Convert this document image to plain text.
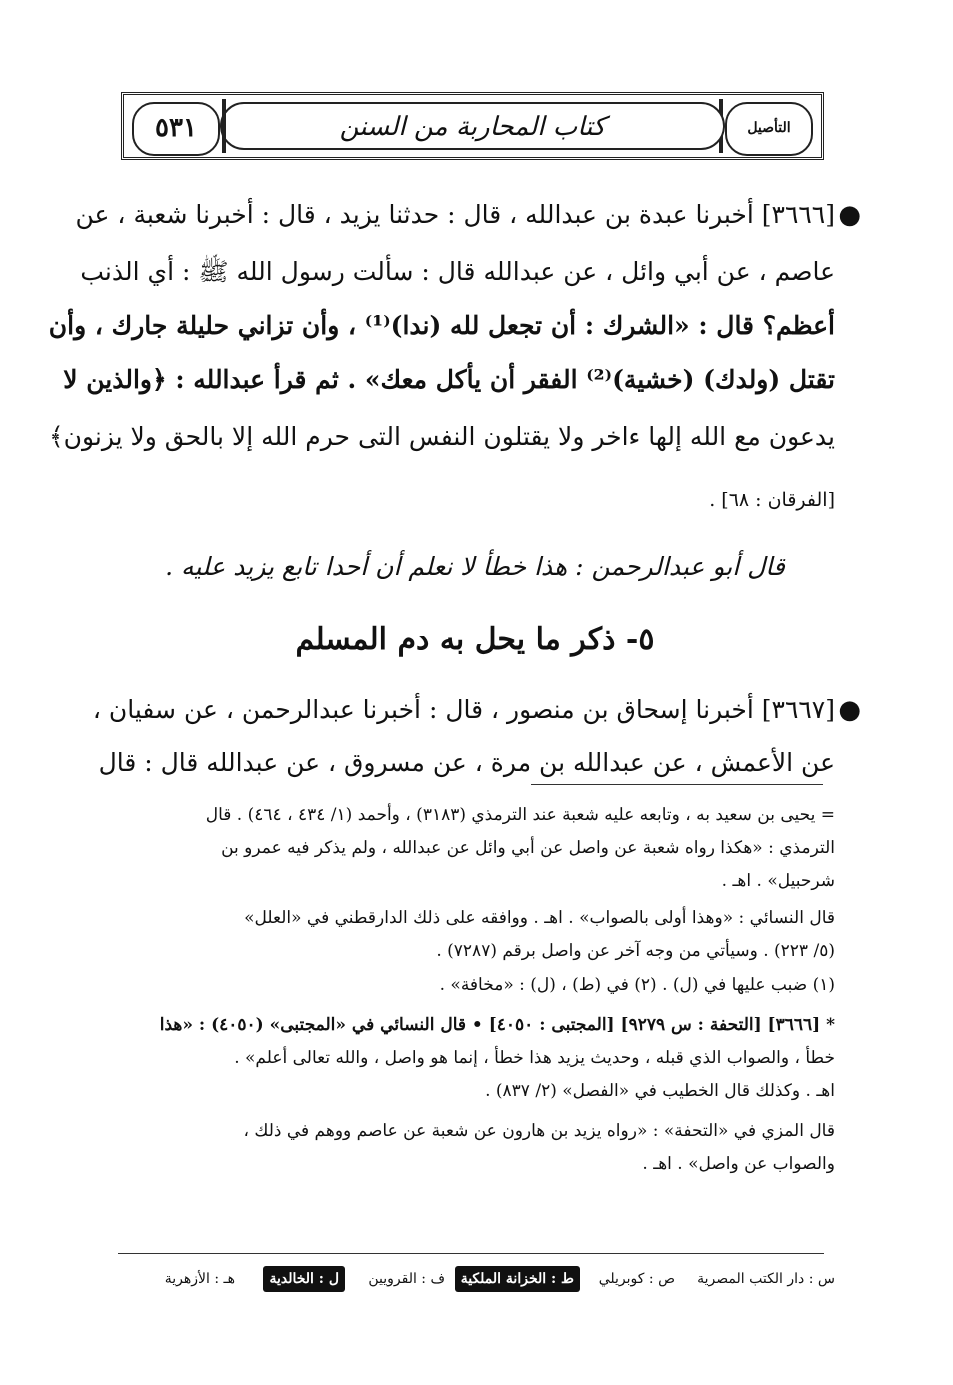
التأصيل
كتاب المحاربة من السنن
٥٣١
●
[٣٦٦٦] أخبرنا عبدة بن عبدالله ، قال : حدثنا يزيد ، قال : أخبرنا شعبة ، عن
عاصم ، عن أبي وائل ، عن عبدالله قال : سألت رسول الله ﷺ : أي الذنب
أعظم؟ قال : «الشرك : أن تجعل لله (ندا)⁽¹⁾ ، وأن تزاني حليلة جارك ، وأن
تقتل (ولدك) (خشية)⁽²⁾ الفقر أن يأكل معك» . ثم قرأ عبدالله : ﴿والذين لا
يدعون مع الله إلها ءاخر ولا يقتلون النفس التى حرم الله إلا بالحق ولا يزنون﴾
[الفرقان : ٦٨] .
قال أبو عبدالرحمن : هذا خطأ لا نعلم أن أحدا تابع يزيد عليه .
٥- ذكر ما يحل به دم المسلم
●
[٣٦٦٧] أخبرنا إسحاق بن منصور ، قال : أخبرنا عبدالرحمن ، عن سفيان ،
عن الأعمش ، عن عبدالله بن مرة ، عن مسروق ، عن عبدالله قال : قال
= يحيى بن سعيد به ، وتابعه عليه شعبة عند الترمذي (٣١٨٣) ، وأحمد (١/ ٤٣٤ ، ٤٦٤) . قال
الترمذي : «هكذا رواه شعبة عن واصل عن أبي وائل عن عبدالله ، ولم يذكر فيه عمرو بن
شرحبيل» . اهـ .
قال النسائي : «وهذا أولى بالصواب» . اهـ . ووافقه على ذلك الدارقطني في «العلل»
(٥/ ٢٢٣) . وسيأتي من وجه آخر عن واصل برقم (٧٢٨٧) .
(١) ضبب عليها في (ل) . (٢) في (ط) ، (ل) : «مخافة» .
* [٣٦٦٦] [التحفة : س ٩٢٧٩] [المجتبى : ٤٠٥٠] • قال النسائي في «المجتبى» (٤٠٥٠) : «هذا
خطأ ، والصواب الذي قبله ، وحديث يزيد هذا خطأ ، إنما هو واصل ، والله تعالى أعلم» .
اهـ . وكذلك قال الخطيب في «الفصل» (٢/ ٨٣٧) .
قال المزي في «التحفة» : «رواه يزيد بن هارون عن شعبة عن عاصم ووهم في ذلك ،
والصواب عن واصل» . اهـ .
س : دار الكتب المصرية
ص : كوبريلي
ط : الخزانة الملكية
ف : القرويين
ل : الخالدية
هـ : الأزهرية
